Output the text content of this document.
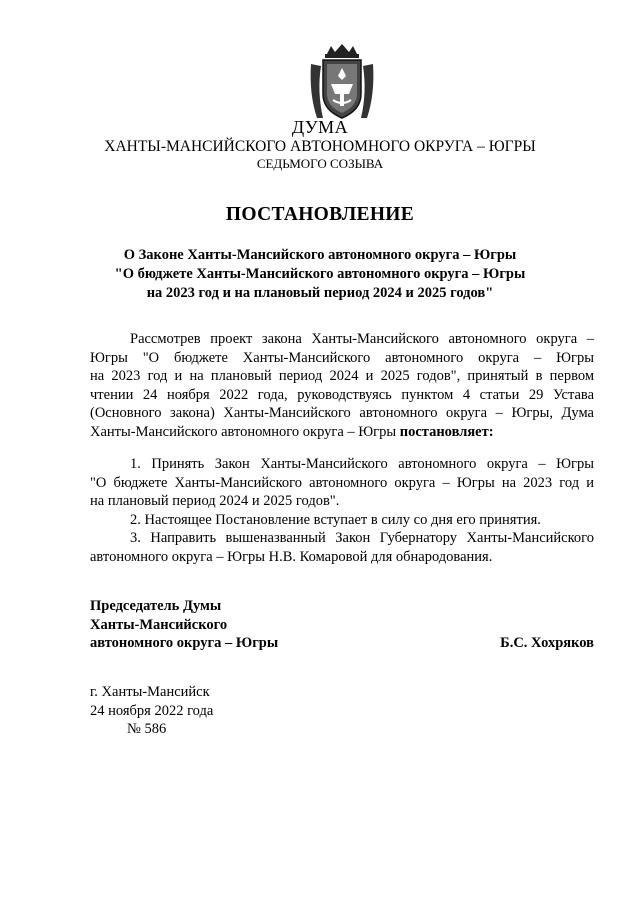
ДУМА
ХАНТЫ-МАНСИЙСКОГО АВТОНОМНОГО ОКРУГА – ЮГРЫ
СЕДЬМОГО СОЗЫВА
ПОСТАНОВЛЕНИЕ
О Законе Ханты-Мансийского автономного округа – Югры
"О бюджете Ханты-Мансийского автономного округа – Югры
на 2023 год и на плановый период 2024 и 2025 годов"
Рассмотрев проект закона Ханты-Мансийского автономного округа –
Югры "О бюджете Ханты-Мансийского автономного округа – Югры
на 2023 год и на плановый период 2024 и 2025 годов", принятый в первом
чтении 24 ноября 2022 года, руководствуясь пунктом 4 статьи 29 Устава
(Основного закона) Ханты-Мансийского автономного округа – Югры, Дума
Ханты-Мансийского автономного округа – Югры постановляет:
1. Принять Закон Ханты-Мансийского автономного округа – Югры
"О бюджете Ханты-Мансийского автономного округа – Югры на 2023 год и
на плановый период 2024 и 2025 годов".
2. Настоящее Постановление вступает в силу со дня его принятия.
3. Направить вышеназванный Закон Губернатору Ханты-Мансийского
автономного округа – Югры Н.В. Комаровой для обнародования.
Председатель Думы
Ханты-Мансийского
автономного округа – Югры	Б.С. Хохряков
г. Ханты-Мансийск
24 ноября 2022 года
№ 586
